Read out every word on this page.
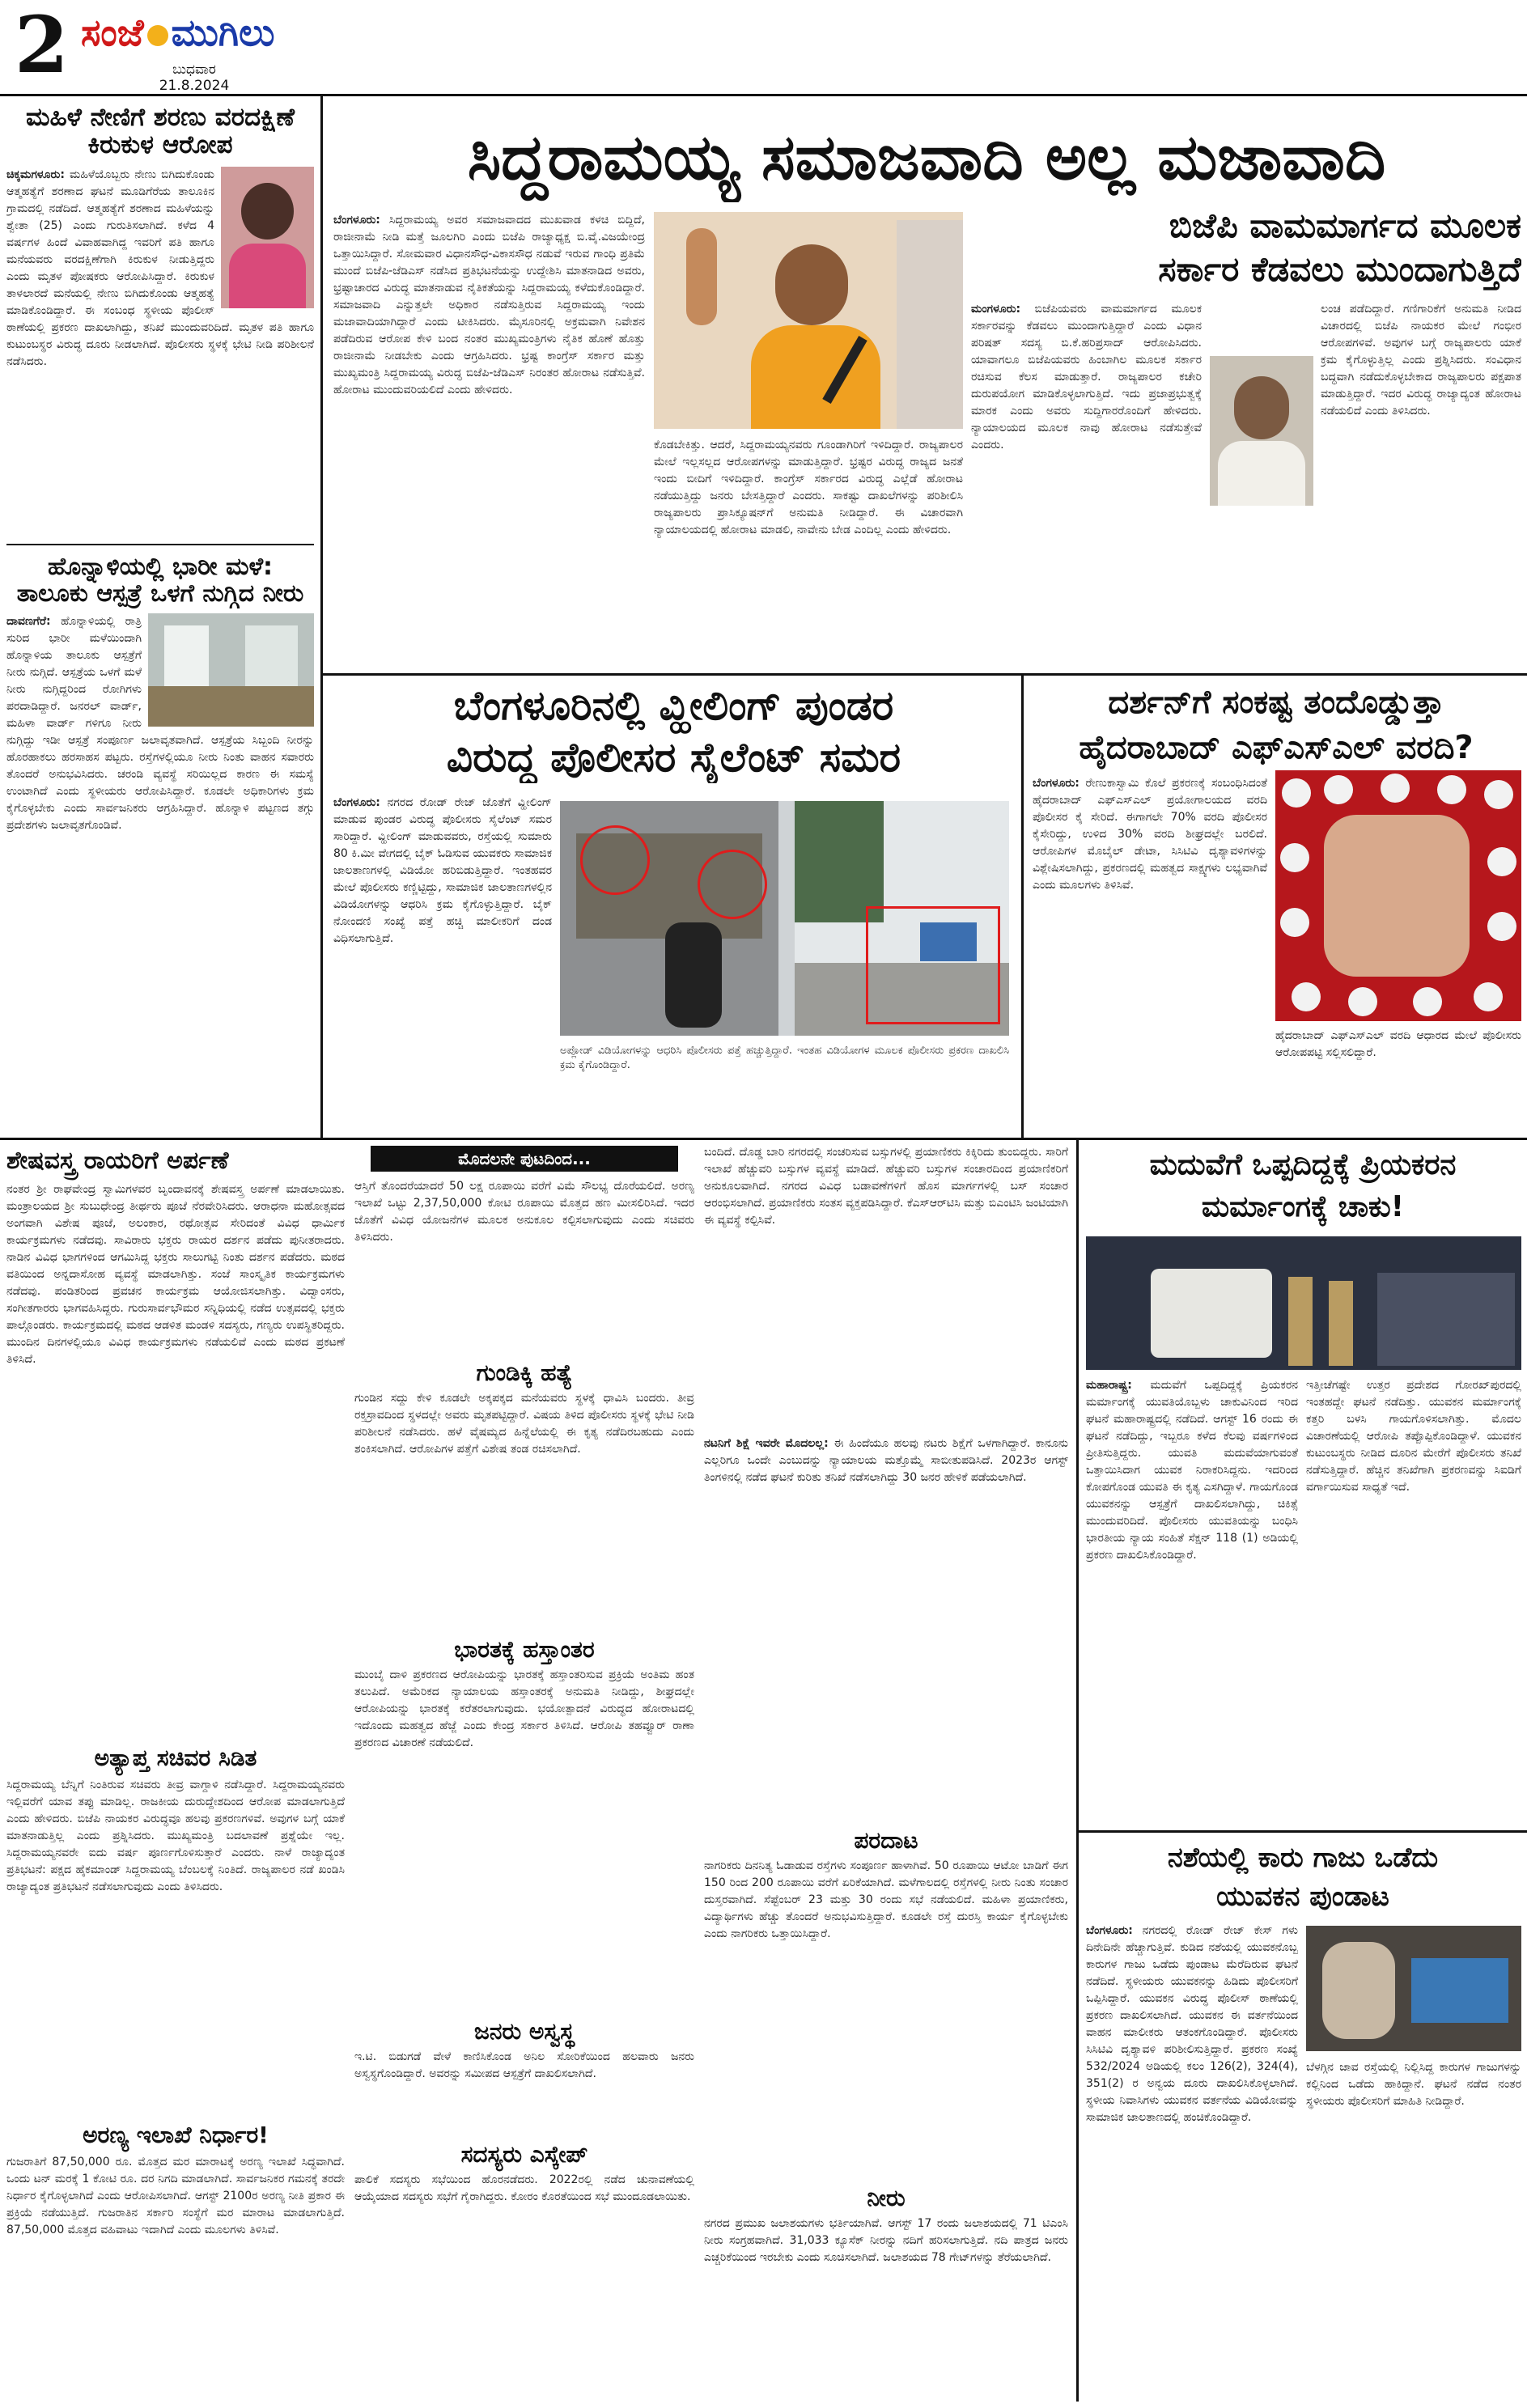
2 ಸಂಜೆ ಮುಗಿಲು
ಬುಧವಾರ
21.8.2024
ಮಹಿಳೆ ನೇಣಿಗೆ ಶರಣು ವರದಕ್ಷಿಣೆ ಕಿರುಕುಳ ಆರೋಪ
ಚಿಕ್ಕಮಗಳೂರು: ಮಹಿಳೆಯೊಬ್ಬರು ನೇಣು ಬಿಗಿದುಕೊಂಡು ಆತ್ಮಹತ್ಯೆಗೆ ಶರಣಾದ ಘಟನೆ ಮೂಡಿಗೆರೆಯ ತಾಲೂಕಿನ ಗ್ರಾಮದಲ್ಲಿ ನಡೆದಿದೆ. ಆತ್ಮಹತ್ಯೆಗೆ ಶರಣಾದ ಮಹಿಳೆಯನ್ನು ಶ್ವೇತಾ (25) ಎಂದು ಗುರುತಿಸಲಾಗಿದೆ. ಕಳೆದ 4 ವರ್ಷಗಳ ಹಿಂದೆ ವಿವಾಹವಾಗಿದ್ದ ಇವರಿಗೆ ಪತಿ ಹಾಗೂ ಮನೆಯವರು ವರದಕ್ಷಿಣೆಗಾಗಿ ಕಿರುಕುಳ ನೀಡುತ್ತಿದ್ದರು ಎಂದು ಮೃತಳ ಪೋಷಕರು ಆರೋಪಿಸಿದ್ದಾರೆ. ಕಿರುಕುಳ ತಾಳಲಾರದೆ ಮನೆಯಲ್ಲಿ ನೇಣು ಬಿಗಿದುಕೊಂಡು ಆತ್ಮಹತ್ಯೆ ಮಾಡಿಕೊಂಡಿದ್ದಾರೆ. ಈ ಸಂಬಂಧ ಸ್ಥಳೀಯ ಪೊಲೀಸ್ ಠಾಣೆಯಲ್ಲಿ ಪ್ರಕರಣ ದಾಖಲಾಗಿದ್ದು, ತನಿಖೆ ಮುಂದುವರಿದಿದೆ. ಮೃತಳ ಪತಿ ಹಾಗೂ ಕುಟುಂಬಸ್ಥರ ವಿರುದ್ಧ ದೂರು ನೀಡಲಾಗಿದೆ. ಪೊಲೀಸರು ಸ್ಥಳಕ್ಕೆ ಭೇಟಿ ನೀಡಿ ಪರಿಶೀಲನೆ ನಡೆಸಿದರು.
ಹೊನ್ನಾಳಿಯಲ್ಲಿ ಭಾರೀ ಮಳೆ: ತಾಲೂಕು ಆಸ್ಪತ್ರೆ ಒಳಗೆ ನುಗ್ಗಿದ ನೀರು
ದಾವಣಗೆರೆ: ಹೊನ್ನಾಳಿಯಲ್ಲಿ ರಾತ್ರಿ ಸುರಿದ ಭಾರೀ ಮಳೆಯಿಂದಾಗಿ ಹೊನ್ನಾಳಿಯ ತಾಲೂಕು ಆಸ್ಪತ್ರೆಗೆ ನೀರು ನುಗ್ಗಿದೆ. ಆಸ್ಪತ್ರೆಯ ಒಳಗೆ ಮಳೆ ನೀರು ನುಗ್ಗಿದ್ದರಿಂದ ರೋಗಿಗಳು ಪರದಾಡಿದ್ದಾರೆ. ಜನರಲ್ ವಾರ್ಡ್, ಮಹಿಳಾ ವಾರ್ಡ್ ಗಳಿಗೂ ನೀರು ನುಗ್ಗಿದ್ದು ಇಡೀ ಆಸ್ಪತ್ರೆ ಸಂಪೂರ್ಣ ಜಲಾವೃತವಾಗಿದೆ. ಆಸ್ಪತ್ರೆಯ ಸಿಬ್ಬಂದಿ ನೀರನ್ನು ಹೊರಹಾಕಲು ಹರಸಾಹಸ ಪಟ್ಟರು. ರಸ್ತೆಗಳಲ್ಲಿಯೂ ನೀರು ನಿಂತು ವಾಹನ ಸವಾರರು ತೊಂದರೆ ಅನುಭವಿಸಿದರು. ಚರಂಡಿ ವ್ಯವಸ್ಥೆ ಸರಿಯಿಲ್ಲದ ಕಾರಣ ಈ ಸಮಸ್ಯೆ ಉಂಟಾಗಿದೆ ಎಂದು ಸ್ಥಳೀಯರು ಆರೋಪಿಸಿದ್ದಾರೆ. ಕೂಡಲೇ ಅಧಿಕಾರಿಗಳು ಕ್ರಮ ಕೈಗೊಳ್ಳಬೇಕು ಎಂದು ಸಾರ್ವಜನಿಕರು ಆಗ್ರಹಿಸಿದ್ದಾರೆ. ಹೊನ್ನಾಳಿ ಪಟ್ಟಣದ ತಗ್ಗು ಪ್ರದೇಶಗಳು ಜಲಾವೃತಗೊಂಡಿವೆ.
ಸಿದ್ದರಾಮಯ್ಯ ಸಮಾಜವಾದಿ ಅಲ್ಲ ಮಜಾವಾದಿ
ಬೆಂಗಳೂರು: ಸಿದ್ದರಾಮಯ್ಯ ಅವರ ಸಮಾಜವಾದದ ಮುಖವಾಡ ಕಳಚಿ ಬಿದ್ದಿದೆ, ರಾಜೀನಾಮೆ ನೀಡಿ ಮತ್ತೆ ಜೂಲಗಿರಿ ಎಂದು ಬಿಜೆಪಿ ರಾಜ್ಯಾಧ್ಯಕ್ಷ ಬಿ.ವೈ.ವಿಜಯೇಂದ್ರ ಒತ್ತಾಯಿಸಿದ್ದಾರೆ. ಸೋಮವಾರ ವಿಧಾನಸೌಧ-ವಿಕಾಸಸೌಧ ನಡುವೆ ಇರುವ ಗಾಂಧಿ ಪ್ರತಿಮೆ ಮುಂದೆ ಬಿಜೆಪಿ-ಜೆಡಿಎಸ್ ನಡೆಸಿದ ಪ್ರತಿಭಟನೆಯನ್ನು ಉದ್ದೇಶಿಸಿ ಮಾತನಾಡಿದ ಅವರು, ಭ್ರಷ್ಟಾಚಾರದ ವಿರುದ್ಧ ಮಾತನಾಡುವ ನೈತಿಕತೆಯನ್ನು ಸಿದ್ದರಾಮಯ್ಯ ಕಳೆದುಕೊಂಡಿದ್ದಾರೆ. ಸಮಾಜವಾದಿ ಎನ್ನುತ್ತಲೇ ಅಧಿಕಾರ ನಡೆಸುತ್ತಿರುವ ಸಿದ್ದರಾಮಯ್ಯ ಇಂದು ಮಜಾವಾದಿಯಾಗಿದ್ದಾರೆ ಎಂದು ಟೀಕಿಸಿದರು. ಮೈಸೂರಿನಲ್ಲಿ ಅಕ್ರಮವಾಗಿ ನಿವೇಶನ ಪಡೆದಿರುವ ಆರೋಪ ಕೇಳಿ ಬಂದ ನಂತರ ಮುಖ್ಯಮಂತ್ರಿಗಳು ನೈತಿಕ ಹೊಣೆ ಹೊತ್ತು ರಾಜೀನಾಮೆ ನೀಡಬೇಕು ಎಂದು ಆಗ್ರಹಿಸಿದರು. ಭ್ರಷ್ಟ ಕಾಂಗ್ರೆಸ್ ಸರ್ಕಾರ ಮತ್ತು ಮುಖ್ಯಮಂತ್ರಿ ಸಿದ್ದರಾಮಯ್ಯ ವಿರುದ್ಧ ಬಿಜೆಪಿ-ಜೆಡಿಎಸ್ ನಿರಂತರ ಹೋರಾಟ ನಡೆಸುತ್ತಿವೆ. ಹೋರಾಟ ಮುಂದುವರಿಯಲಿದೆ ಎಂದು ಹೇಳಿದರು.
ಕೊಡಬೇಕಿತ್ತು. ಆದರೆ, ಸಿದ್ದರಾಮಯ್ಯನವರು ಗೂಂಡಾಗಿರಿಗೆ ಇಳಿದಿದ್ದಾರೆ. ರಾಜ್ಯಪಾಲರ ಮೇಲೆ ಇಲ್ಲಸಲ್ಲದ ಆರೋಪಗಳನ್ನು ಮಾಡುತ್ತಿದ್ದಾರೆ. ಭ್ರಷ್ಟರ ವಿರುದ್ಧ ರಾಜ್ಯದ ಜನತೆ ಇಂದು ಬೀದಿಗೆ ಇಳಿದಿದ್ದಾರೆ. ಕಾಂಗ್ರೆಸ್ ಸರ್ಕಾರದ ವಿರುದ್ಧ ಎಲ್ಲೆಡೆ ಹೋರಾಟ ನಡೆಯುತ್ತಿದ್ದು ಜನರು ಬೇಸತ್ತಿದ್ದಾರೆ ಎಂದರು. ಸಾಕಷ್ಟು ದಾಖಲೆಗಳನ್ನು ಪರಿಶೀಲಿಸಿ ರಾಜ್ಯಪಾಲರು ಪ್ರಾಸಿಕ್ಯೂಷನ್‌ಗೆ ಅನುಮತಿ ನೀಡಿದ್ದಾರೆ. ಈ ವಿಚಾರವಾಗಿ ನ್ಯಾಯಾಲಯದಲ್ಲಿ ಹೋರಾಟ ಮಾಡಲಿ, ನಾವೇನು ಬೇಡ ಎಂದಿಲ್ಲ ಎಂದು ಹೇಳಿದರು.
ಬಿಜೆಪಿ ವಾಮಮಾರ್ಗದ ಮೂಲಕ
ಸರ್ಕಾರ ಕೆಡವಲು ಮುಂದಾಗುತ್ತಿದೆ
ಮಂಗಳೂರು: ಬಿಜೆಪಿಯವರು ವಾಮಮಾರ್ಗದ ಮೂಲಕ ಸರ್ಕಾರವನ್ನು ಕೆಡವಲು ಮುಂದಾಗುತ್ತಿದ್ದಾರೆ ಎಂದು ವಿಧಾನ ಪರಿಷತ್ ಸದಸ್ಯ ಬಿ.ಕೆ.ಹರಿಪ್ರಸಾದ್ ಆರೋಪಿಸಿದರು. ಯಾವಾಗಲೂ ಬಿಜೆಪಿಯವರು ಹಿಂಬಾಗಿಲ ಮೂಲಕ ಸರ್ಕಾರ ರಚಿಸುವ ಕೆಲಸ ಮಾಡುತ್ತಾರೆ. ರಾಜ್ಯಪಾಲರ ಕಚೇರಿ ದುರುಪಯೋಗ ಮಾಡಿಕೊಳ್ಳಲಾಗುತ್ತಿದೆ. ಇದು ಪ್ರಜಾಪ್ರಭುತ್ವಕ್ಕೆ ಮಾರಕ ಎಂದು ಅವರು ಸುದ್ದಿಗಾರರೊಂದಿಗೆ ಹೇಳಿದರು. ನ್ಯಾಯಾಲಯದ ಮೂಲಕ ನಾವು ಹೋರಾಟ ನಡೆಸುತ್ತೇವೆ ಎಂದರು.
ಲಂಚ ಪಡೆದಿದ್ದಾರೆ. ಗಣಿಗಾರಿಕೆಗೆ ಅನುಮತಿ ನೀಡಿದ ವಿಚಾರದಲ್ಲಿ ಬಿಜೆಪಿ ನಾಯಕರ ಮೇಲೆ ಗಂಭೀರ ಆರೋಪಗಳಿವೆ. ಅವುಗಳ ಬಗ್ಗೆ ರಾಜ್ಯಪಾಲರು ಯಾಕೆ ಕ್ರಮ ಕೈಗೊಳ್ಳುತ್ತಿಲ್ಲ ಎಂದು ಪ್ರಶ್ನಿಸಿದರು. ಸಂವಿಧಾನ ಬದ್ಧವಾಗಿ ನಡೆದುಕೊಳ್ಳಬೇಕಾದ ರಾಜ್ಯಪಾಲರು ಪಕ್ಷಪಾತ ಮಾಡುತ್ತಿದ್ದಾರೆ. ಇದರ ವಿರುದ್ಧ ರಾಜ್ಯಾದ್ಯಂತ ಹೋರಾಟ ನಡೆಯಲಿದೆ ಎಂದು ತಿಳಿಸಿದರು.
ಬೆಂಗಳೂರಿನಲ್ಲಿ ವ್ಹೀಲಿಂಗ್ ಪುಂಡರ
ವಿರುದ್ಧ ಪೊಲೀಸರ ಸೈಲೆಂಟ್ ಸಮರ
ಬೆಂಗಳೂರು: ನಗರದ ರೋಡ್ ರೇಜ್ ಜೊತೆಗೆ ವ್ಹೀಲಿಂಗ್ ಮಾಡುವ ಪುಂಡರ ವಿರುದ್ಧ ಪೊಲೀಸರು ಸೈಲೆಂಟ್ ಸಮರ ಸಾರಿದ್ದಾರೆ. ವ್ಹೀಲಿಂಗ್ ಮಾಡುವವರು, ರಸ್ತೆಯಲ್ಲಿ ಸುಮಾರು 80 ಕಿ.ಮೀ ವೇಗದಲ್ಲಿ ಬೈಕ್ ಓಡಿಸುವ ಯುವಕರು ಸಾಮಾಜಿಕ ಜಾಲತಾಣಗಳಲ್ಲಿ ವಿಡಿಯೋ ಹರಿಬಿಡುತ್ತಿದ್ದಾರೆ. ಇಂತಹವರ ಮೇಲೆ ಪೊಲೀಸರು ಕಣ್ಣಿಟ್ಟಿದ್ದು, ಸಾಮಾಜಿಕ ಜಾಲತಾಣಗಳಲ್ಲಿನ ವಿಡಿಯೋಗಳನ್ನು ಆಧರಿಸಿ ಕ್ರಮ ಕೈಗೊಳ್ಳುತ್ತಿದ್ದಾರೆ. ಬೈಕ್ ನೋಂದಣಿ ಸಂಖ್ಯೆ ಪತ್ತೆ ಹಚ್ಚಿ ಮಾಲೀಕರಿಗೆ ದಂಡ ವಿಧಿಸಲಾಗುತ್ತಿದೆ.
ಅಪ್ಲೋಡ್ ವಿಡಿಯೋಗಳನ್ನು ಆಧರಿಸಿ ಪೊಲೀಸರು ಪತ್ತೆ ಹಚ್ಚುತ್ತಿದ್ದಾರೆ. ಇಂತಹ ವಿಡಿಯೋಗಳ ಮೂಲಕ ಪೊಲೀಸರು ಪ್ರಕರಣ ದಾಖಲಿಸಿ ಕ್ರಮ ಕೈಗೊಂಡಿದ್ದಾರೆ.
ದರ್ಶನ್‌ಗೆ ಸಂಕಷ್ಟ ತಂದೊಡ್ಡುತ್ತಾ
ಹೈದರಾಬಾದ್ ಎಫ್‌ಎಸ್‌ಎಲ್ ವರದಿ?
ಬೆಂಗಳೂರು: ರೇಣುಕಾಸ್ವಾಮಿ ಕೊಲೆ ಪ್ರಕರಣಕ್ಕೆ ಸಂಬಂಧಿಸಿದಂತೆ ಹೈದರಾಬಾದ್ ಎಫ್‌ಎಸ್‌ಎಲ್ ಪ್ರಯೋಗಾಲಯದ ವರದಿ ಪೊಲೀಸರ ಕೈ ಸೇರಿದೆ. ಈಗಾಗಲೇ 70% ವರದಿ ಪೊಲೀಸರ ಕೈಸೇರಿದ್ದು, ಉಳಿದ 30% ವರದಿ ಶೀಘ್ರದಲ್ಲೇ ಬರಲಿದೆ. ಆರೋಪಿಗಳ ಮೊಬೈಲ್ ಡೇಟಾ, ಸಿಸಿಟಿವಿ ದೃಶ್ಯಾವಳಿಗಳನ್ನು ವಿಶ್ಲೇಷಿಸಲಾಗಿದ್ದು, ಪ್ರಕರಣದಲ್ಲಿ ಮಹತ್ವದ ಸಾಕ್ಷ್ಯಗಳು ಲಭ್ಯವಾಗಿವೆ ಎಂದು ಮೂಲಗಳು ತಿಳಿಸಿವೆ.
ಹೈದರಾಬಾದ್ ಎಫ್‌ಎಸ್‌ಎಲ್ ವರದಿ ಆಧಾರದ ಮೇಲೆ ಪೊಲೀಸರು ಆರೋಪಪಟ್ಟಿ ಸಲ್ಲಿಸಲಿದ್ದಾರೆ.
ಶೇಷವಸ್ತ್ರ ರಾಯರಿಗೆ ಅರ್ಪಣೆ
ನಂತರ ಶ್ರೀ ರಾಘವೇಂದ್ರ ಸ್ವಾಮಿಗಳವರ ಬೃಂದಾವನಕ್ಕೆ ಶೇಷವಸ್ತ್ರ ಅರ್ಪಣೆ ಮಾಡಲಾಯಿತು. ಮಂತ್ರಾಲಯದ ಶ್ರೀ ಸುಬುಧೇಂದ್ರ ತೀರ್ಥರು ಪೂಜೆ ನೆರವೇರಿಸಿದರು. ಆರಾಧನಾ ಮಹೋತ್ಸವದ ಅಂಗವಾಗಿ ವಿಶೇಷ ಪೂಜೆ, ಅಲಂಕಾರ, ರಥೋತ್ಸವ ಸೇರಿದಂತೆ ವಿವಿಧ ಧಾರ್ಮಿಕ ಕಾರ್ಯಕ್ರಮಗಳು ನಡೆದವು. ಸಾವಿರಾರು ಭಕ್ತರು ರಾಯರ ದರ್ಶನ ಪಡೆದು ಪುನೀತರಾದರು. ನಾಡಿನ ವಿವಿಧ ಭಾಗಗಳಿಂದ ಆಗಮಿಸಿದ್ದ ಭಕ್ತರು ಸಾಲುಗಟ್ಟಿ ನಿಂತು ದರ್ಶನ ಪಡೆದರು. ಮಠದ ವತಿಯಿಂದ ಅನ್ನದಾಸೋಹ ವ್ಯವಸ್ಥೆ ಮಾಡಲಾಗಿತ್ತು. ಸಂಜೆ ಸಾಂಸ್ಕೃತಿಕ ಕಾರ್ಯಕ್ರಮಗಳು ನಡೆದವು. ಪಂಡಿತರಿಂದ ಪ್ರವಚನ ಕಾರ್ಯಕ್ರಮ ಆಯೋಜಿಸಲಾಗಿತ್ತು. ವಿದ್ವಾಂಸರು, ಸಂಗೀತಗಾರರು ಭಾಗವಹಿಸಿದ್ದರು. ಗುರುಸಾರ್ವಭೌಮರ ಸನ್ನಿಧಿಯಲ್ಲಿ ನಡೆದ ಉತ್ಸವದಲ್ಲಿ ಭಕ್ತರು ಪಾಲ್ಗೊಂಡರು. ಕಾರ್ಯಕ್ರಮದಲ್ಲಿ ಮಠದ ಆಡಳಿತ ಮಂಡಳಿ ಸದಸ್ಯರು, ಗಣ್ಯರು ಉಪಸ್ಥಿತರಿದ್ದರು. ಮುಂದಿನ ದಿನಗಳಲ್ಲಿಯೂ ವಿವಿಧ ಕಾರ್ಯಕ್ರಮಗಳು ನಡೆಯಲಿವೆ ಎಂದು ಮಠದ ಪ್ರಕಟಣೆ ತಿಳಿಸಿದೆ.
ಅತ್ಯಾಪ್ತ ಸಚಿವರ ಸಿಡಿತ
ಸಿದ್ದರಾಮಯ್ಯ ಬೆನ್ನಿಗೆ ನಿಂತಿರುವ ಸಚಿವರು ತೀವ್ರ ವಾಗ್ದಾಳಿ ನಡೆಸಿದ್ದಾರೆ. ಸಿದ್ದರಾಮಯ್ಯನವರು ಇಲ್ಲಿವರೆಗೆ ಯಾವ ತಪ್ಪು ಮಾಡಿಲ್ಲ. ರಾಜಕೀಯ ದುರುದ್ದೇಶದಿಂದ ಆರೋಪ ಮಾಡಲಾಗುತ್ತಿದೆ ಎಂದು ಹೇಳಿದರು. ಬಿಜೆಪಿ ನಾಯಕರ ವಿರುದ್ಧವೂ ಹಲವು ಪ್ರಕರಣಗಳಿವೆ. ಅವುಗಳ ಬಗ್ಗೆ ಯಾಕೆ ಮಾತನಾಡುತ್ತಿಲ್ಲ ಎಂದು ಪ್ರಶ್ನಿಸಿದರು. ಮುಖ್ಯಮಂತ್ರಿ ಬದಲಾವಣೆ ಪ್ರಶ್ನೆಯೇ ಇಲ್ಲ. ಸಿದ್ದರಾಮಯ್ಯನವರೇ ಐದು ವರ್ಷ ಪೂರ್ಣಗೊಳಿಸುತ್ತಾರೆ ಎಂದರು. ನಾಳೆ ರಾಜ್ಯಾದ್ಯಂತ ಪ್ರತಿಭಟನೆ: ಪಕ್ಷದ ಹೈಕಮಾಂಡ್ ಸಿದ್ದರಾಮಯ್ಯ ಬೆಂಬಲಕ್ಕೆ ನಿಂತಿದೆ. ರಾಜ್ಯಪಾಲರ ನಡೆ ಖಂಡಿಸಿ ರಾಜ್ಯಾದ್ಯಂತ ಪ್ರತಿಭಟನೆ ನಡೆಸಲಾಗುವುದು ಎಂದು ತಿಳಿಸಿದರು.
ಅರಣ್ಯ ಇಲಾಖೆ ನಿರ್ಧಾರ!
ಗುಜರಾತಿಗೆ 87,50,000 ರೂ. ಮೊತ್ತದ ಮರ ಮಾರಾಟಕ್ಕೆ ಅರಣ್ಯ ಇಲಾಖೆ ಸಿದ್ಧವಾಗಿದೆ. ಒಂದು ಟನ್ ಮರಕ್ಕೆ 1 ಕೋಟಿ ರೂ. ದರ ನಿಗದಿ ಮಾಡಲಾಗಿದೆ. ಸಾರ್ವಜನಿಕರ ಗಮನಕ್ಕೆ ತರದೇ ನಿರ್ಧಾರ ಕೈಗೊಳ್ಳಲಾಗಿದೆ ಎಂದು ಆರೋಪಿಸಲಾಗಿದೆ. ಆಗಸ್ಟ್ 2100ರ ಅರಣ್ಯ ನೀತಿ ಪ್ರಕಾರ ಈ ಪ್ರಕ್ರಿಯೆ ನಡೆಯುತ್ತಿದೆ. ಗುಜರಾತಿನ ಸರ್ಕಾರಿ ಸಂಸ್ಥೆಗೆ ಮರ ಮಾರಾಟ ಮಾಡಲಾಗುತ್ತಿದೆ. 87,50,000 ಮೊತ್ತದ ವಹಿವಾಟು ಇದಾಗಿದೆ ಎಂದು ಮೂಲಗಳು ತಿಳಿಸಿವೆ.
ಮೊದಲನೇ ಪುಟದಿಂದ...
ಆಸ್ತಿಗೆ ತೊಂದರೆಯಾದರೆ 50 ಲಕ್ಷ ರೂಪಾಯಿ ವರೆಗೆ ವಿಮೆ ಸೌಲಭ್ಯ ದೊರೆಯಲಿದೆ. ಅರಣ್ಯ ಇಲಾಖೆ ಒಟ್ಟು 2,37,50,000 ಕೋಟಿ ರೂಪಾಯಿ ಮೊತ್ತದ ಹಣ ಮೀಸಲಿರಿಸಿದೆ. ಇದರ ಜೊತೆಗೆ ವಿವಿಧ ಯೋಜನೆಗಳ ಮೂಲಕ ಅನುಕೂಲ ಕಲ್ಪಿಸಲಾಗುವುದು ಎಂದು ಸಚಿವರು ತಿಳಿಸಿದರು.
ಗುಂಡಿಕ್ಕಿ ಹತ್ಯೆ
ಗುಂಡಿನ ಸದ್ದು ಕೇಳಿ ಕೂಡಲೇ ಅಕ್ಕಪಕ್ಕದ ಮನೆಯವರು ಸ್ಥಳಕ್ಕೆ ಧಾವಿಸಿ ಬಂದರು. ತೀವ್ರ ರಕ್ತಸ್ರಾವದಿಂದ ಸ್ಥಳದಲ್ಲೇ ಅವರು ಮೃತಪಟ್ಟಿದ್ದಾರೆ. ವಿಷಯ ತಿಳಿದ ಪೊಲೀಸರು ಸ್ಥಳಕ್ಕೆ ಭೇಟಿ ನೀಡಿ ಪರಿಶೀಲನೆ ನಡೆಸಿದರು. ಹಳೆ ವೈಷಮ್ಯದ ಹಿನ್ನೆಲೆಯಲ್ಲಿ ಈ ಕೃತ್ಯ ನಡೆದಿರಬಹುದು ಎಂದು ಶಂಕಿಸಲಾಗಿದೆ. ಆರೋಪಿಗಳ ಪತ್ತೆಗೆ ವಿಶೇಷ ತಂಡ ರಚಿಸಲಾಗಿದೆ.
ಭಾರತಕ್ಕೆ ಹಸ್ತಾಂತರ
ಮುಂಬೈ ದಾಳಿ ಪ್ರಕರಣದ ಆರೋಪಿಯನ್ನು ಭಾರತಕ್ಕೆ ಹಸ್ತಾಂತರಿಸುವ ಪ್ರಕ್ರಿಯೆ ಅಂತಿಮ ಹಂತ ತಲುಪಿದೆ. ಅಮೆರಿಕದ ನ್ಯಾಯಾಲಯ ಹಸ್ತಾಂತರಕ್ಕೆ ಅನುಮತಿ ನೀಡಿದ್ದು, ಶೀಘ್ರದಲ್ಲೇ ಆರೋಪಿಯನ್ನು ಭಾರತಕ್ಕೆ ಕರೆತರಲಾಗುವುದು. ಭಯೋತ್ಪಾದನೆ ವಿರುದ್ಧದ ಹೋರಾಟದಲ್ಲಿ ಇದೊಂದು ಮಹತ್ವದ ಹೆಜ್ಜೆ ಎಂದು ಕೇಂದ್ರ ಸರ್ಕಾರ ತಿಳಿಸಿದೆ. ಆರೋಪಿ ತಹವ್ವೂರ್ ರಾಣಾ ಪ್ರಕರಣದ ವಿಚಾರಣೆ ನಡೆಯಲಿದೆ.
ಜನರು ಅಸ್ವಸ್ಥ
ಇ.ಟಿ. ಬಿಡುಗಡೆ ವೇಳೆ ಕಾಣಿಸಿಕೊಂಡ ಅನಿಲ ಸೋರಿಕೆಯಿಂದ ಹಲವಾರು ಜನರು ಅಸ್ವಸ್ಥಗೊಂಡಿದ್ದಾರೆ. ಅವರನ್ನು ಸಮೀಪದ ಆಸ್ಪತ್ರೆಗೆ ದಾಖಲಿಸಲಾಗಿದೆ.
ಸದಸ್ಯರು ಎಸ್ಕೇಪ್
ಪಾಲಿಕೆ ಸದಸ್ಯರು ಸಭೆಯಿಂದ ಹೊರನಡೆದರು. 2022ರಲ್ಲಿ ನಡೆದ ಚುನಾವಣೆಯಲ್ಲಿ ಆಯ್ಕೆಯಾದ ಸದಸ್ಯರು ಸಭೆಗೆ ಗೈರಾಗಿದ್ದರು. ಕೋರಂ ಕೊರತೆಯಿಂದ ಸಭೆ ಮುಂದೂಡಲಾಯಿತು.
ಬಂದಿದೆ. ದೊಡ್ಡ ಬಾರಿ ನಗರದಲ್ಲಿ ಸಂಚರಿಸುವ ಬಸ್ಸುಗಳಲ್ಲಿ ಪ್ರಯಾಣಿಕರು ಕಿಕ್ಕಿರಿದು ತುಂಬಿದ್ದರು. ಸಾರಿಗೆ ಇಲಾಖೆ ಹೆಚ್ಚುವರಿ ಬಸ್ಸುಗಳ ವ್ಯವಸ್ಥೆ ಮಾಡಿದೆ. ಹೆಚ್ಚುವರಿ ಬಸ್ಸುಗಳ ಸಂಚಾರದಿಂದ ಪ್ರಯಾಣಿಕರಿಗೆ ಅನುಕೂಲವಾಗಿದೆ. ನಗರದ ವಿವಿಧ ಬಡಾವಣೆಗಳಿಗೆ ಹೊಸ ಮಾರ್ಗಗಳಲ್ಲಿ ಬಸ್ ಸಂಚಾರ ಆರಂಭಿಸಲಾಗಿದೆ. ಪ್ರಯಾಣಿಕರು ಸಂತಸ ವ್ಯಕ್ತಪಡಿಸಿದ್ದಾರೆ. ಕೆಎಸ್ಆರ್‌ಟಿಸಿ ಮತ್ತು ಬಿಎಂಟಿಸಿ ಜಂಟಿಯಾಗಿ ಈ ವ್ಯವಸ್ಥೆ ಕಲ್ಪಿಸಿವೆ.
ನಟನಿಗೆ ಶಿಕ್ಷೆ ಇವರೇ ಮೊದಲಲ್ಲ: ಈ ಹಿಂದೆಯೂ ಹಲವು ನಟರು ಶಿಕ್ಷೆಗೆ ಒಳಗಾಗಿದ್ದಾರೆ. ಕಾನೂನು ಎಲ್ಲರಿಗೂ ಒಂದೇ ಎಂಬುದನ್ನು ನ್ಯಾಯಾಲಯ ಮತ್ತೊಮ್ಮೆ ಸಾಬೀತುಪಡಿಸಿದೆ. 2023ರ ಆಗಸ್ಟ್ ತಿಂಗಳಿನಲ್ಲಿ ನಡೆದ ಘಟನೆ ಕುರಿತು ತನಿಖೆ ನಡೆಸಲಾಗಿದ್ದು 30 ಜನರ ಹೇಳಿಕೆ ಪಡೆಯಲಾಗಿದೆ.
ಪರದಾಟ
ನಾಗರಿಕರು ದಿನನಿತ್ಯ ಓಡಾಡುವ ರಸ್ತೆಗಳು ಸಂಪೂರ್ಣ ಹಾಳಾಗಿವೆ. 50 ರೂಪಾಯಿ ಆಟೋ ಬಾಡಿಗೆ ಈಗ 150 ರಿಂದ 200 ರೂಪಾಯಿ ವರೆಗೆ ಏರಿಕೆಯಾಗಿದೆ. ಮಳೆಗಾಲದಲ್ಲಿ ರಸ್ತೆಗಳಲ್ಲಿ ನೀರು ನಿಂತು ಸಂಚಾರ ದುಸ್ತರವಾಗಿದೆ. ಸೆಪ್ಟೆಂಬರ್ 23 ಮತ್ತು 30 ರಂದು ಸಭೆ ನಡೆಯಲಿದೆ. ಮಹಿಳಾ ಪ್ರಯಾಣಿಕರು, ವಿದ್ಯಾರ್ಥಿಗಳು ಹೆಚ್ಚು ತೊಂದರೆ ಅನುಭವಿಸುತ್ತಿದ್ದಾರೆ. ಕೂಡಲೇ ರಸ್ತೆ ದುರಸ್ತಿ ಕಾರ್ಯ ಕೈಗೊಳ್ಳಬೇಕು ಎಂದು ನಾಗರಿಕರು ಒತ್ತಾಯಿಸಿದ್ದಾರೆ.
ನೀರು
ನಗರದ ಪ್ರಮುಖ ಜಲಾಶಯಗಳು ಭರ್ತಿಯಾಗಿವೆ. ಆಗಸ್ಟ್ 17 ರಂದು ಜಲಾಶಯದಲ್ಲಿ 71 ಟಿಎಂಸಿ ನೀರು ಸಂಗ್ರಹವಾಗಿದೆ. 31,033 ಕ್ಯೂಸೆಕ್ ನೀರನ್ನು ನದಿಗೆ ಹರಿಸಲಾಗುತ್ತಿದೆ. ನದಿ ಪಾತ್ರದ ಜನರು ಎಚ್ಚರಿಕೆಯಿಂದ ಇರಬೇಕು ಎಂದು ಸೂಚಿಸಲಾಗಿದೆ. ಜಲಾಶಯದ 78 ಗೇಟ್‌ಗಳನ್ನು ತೆರೆಯಲಾಗಿದೆ.
ಮದುವೆಗೆ ಒಪ್ಪದಿದ್ದಕ್ಕೆ ಪ್ರಿಯಕರನ
ಮರ್ಮಾಂಗಕ್ಕೆ ಚಾಕು!
ಮಹಾರಾಷ್ಟ್ರ: ಮದುವೆಗೆ ಒಪ್ಪದಿದ್ದಕ್ಕೆ ಪ್ರಿಯಕರನ ಮರ್ಮಾಂಗಕ್ಕೆ ಯುವತಿಯೊಬ್ಬಳು ಚಾಕುವಿನಿಂದ ಇರಿದ ಘಟನೆ ಮಹಾರಾಷ್ಟ್ರದಲ್ಲಿ ನಡೆದಿದೆ. ಆಗಸ್ಟ್ 16 ರಂದು ಈ ಘಟನೆ ನಡೆದಿದ್ದು, ಇಬ್ಬರೂ ಕಳೆದ ಕೆಲವು ವರ್ಷಗಳಿಂದ ಪ್ರೀತಿಸುತ್ತಿದ್ದರು. ಯುವತಿ ಮದುವೆಯಾಗುವಂತೆ ಒತ್ತಾಯಿಸಿದಾಗ ಯುವಕ ನಿರಾಕರಿಸಿದ್ದನು. ಇದರಿಂದ ಕೋಪಗೊಂಡ ಯುವತಿ ಈ ಕೃತ್ಯ ಎಸಗಿದ್ದಾಳೆ. ಗಾಯಗೊಂಡ ಯುವಕನನ್ನು ಆಸ್ಪತ್ರೆಗೆ ದಾಖಲಿಸಲಾಗಿದ್ದು, ಚಿಕಿತ್ಸೆ ಮುಂದುವರಿದಿದೆ. ಪೊಲೀಸರು ಯುವತಿಯನ್ನು ಬಂಧಿಸಿ ಭಾರತೀಯ ನ್ಯಾಯ ಸಂಹಿತೆ ಸೆಕ್ಷನ್ 118 (1) ಅಡಿಯಲ್ಲಿ ಪ್ರಕರಣ ದಾಖಲಿಸಿಕೊಂಡಿದ್ದಾರೆ.
ಇತ್ತೀಚೆಗಷ್ಟೇ ಉತ್ತರ ಪ್ರದೇಶದ ಗೋರಖ್‌ಪುರದಲ್ಲಿ ಇಂತಹದ್ದೇ ಘಟನೆ ನಡೆದಿತ್ತು. ಯುವಕನ ಮರ್ಮಾಂಗಕ್ಕೆ ಕತ್ತರಿ ಬಳಸಿ ಗಾಯಗೊಳಿಸಲಾಗಿತ್ತು. ಮೊದಲ ವಿಚಾರಣೆಯಲ್ಲಿ ಆರೋಪಿ ತಪ್ಪೊಪ್ಪಿಕೊಂಡಿದ್ದಾಳೆ. ಯುವಕನ ಕುಟುಂಬಸ್ಥರು ನೀಡಿದ ದೂರಿನ ಮೇರೆಗೆ ಪೊಲೀಸರು ತನಿಖೆ ನಡೆಸುತ್ತಿದ್ದಾರೆ. ಹೆಚ್ಚಿನ ತನಿಖೆಗಾಗಿ ಪ್ರಕರಣವನ್ನು ಸಿಐಡಿಗೆ ವರ್ಗಾಯಿಸುವ ಸಾಧ್ಯತೆ ಇದೆ.
ನಶೆಯಲ್ಲಿ ಕಾರು ಗಾಜು ಒಡೆದು
ಯುವಕನ ಪುಂಡಾಟ
ಬೆಂಗಳೂರು: ನಗರದಲ್ಲಿ ರೋಡ್ ರೇಜ್ ಕೇಸ್ ಗಳು ದಿನೇದಿನೇ ಹೆಚ್ಚಾಗುತ್ತಿವೆ. ಕುಡಿದ ನಶೆಯಲ್ಲಿ ಯುವಕನೊಬ್ಬ ಕಾರುಗಳ ಗಾಜು ಒಡೆದು ಪುಂಡಾಟ ಮೆರೆದಿರುವ ಘಟನೆ ನಡೆದಿದೆ. ಸ್ಥಳೀಯರು ಯುವಕನನ್ನು ಹಿಡಿದು ಪೊಲೀಸರಿಗೆ ಒಪ್ಪಿಸಿದ್ದಾರೆ. ಯುವಕನ ವಿರುದ್ಧ ಪೊಲೀಸ್ ಠಾಣೆಯಲ್ಲಿ ಪ್ರಕರಣ ದಾಖಲಿಸಲಾಗಿದೆ. ಯುವಕನ ಈ ವರ್ತನೆಯಿಂದ ವಾಹನ ಮಾಲೀಕರು ಆತಂಕಗೊಂಡಿದ್ದಾರೆ. ಪೊಲೀಸರು ಸಿಸಿಟಿವಿ ದೃಶ್ಯಾವಳಿ ಪರಿಶೀಲಿಸುತ್ತಿದ್ದಾರೆ. ಪ್ರಕರಣ ಸಂಖ್ಯೆ 532/2024 ಅಡಿಯಲ್ಲಿ ಕಲಂ 126(2), 324(4), 351(2) ರ ಅನ್ವಯ ದೂರು ದಾಖಲಿಸಿಕೊಳ್ಳಲಾಗಿದೆ. ಸ್ಥಳೀಯ ನಿವಾಸಿಗಳು ಯುವಕನ ವರ್ತನೆಯ ವಿಡಿಯೋವನ್ನು ಸಾಮಾಜಿಕ ಜಾಲತಾಣದಲ್ಲಿ ಹಂಚಿಕೊಂಡಿದ್ದಾರೆ.
ಬೆಳಗ್ಗಿನ ಜಾವ ರಸ್ತೆಯಲ್ಲಿ ನಿಲ್ಲಿಸಿದ್ದ ಕಾರುಗಳ ಗಾಜುಗಳನ್ನು ಕಲ್ಲಿನಿಂದ ಒಡೆದು ಹಾಕಿದ್ದಾನೆ. ಘಟನೆ ನಡೆದ ನಂತರ ಸ್ಥಳೀಯರು ಪೊಲೀಸರಿಗೆ ಮಾಹಿತಿ ನೀಡಿದ್ದಾರೆ.
